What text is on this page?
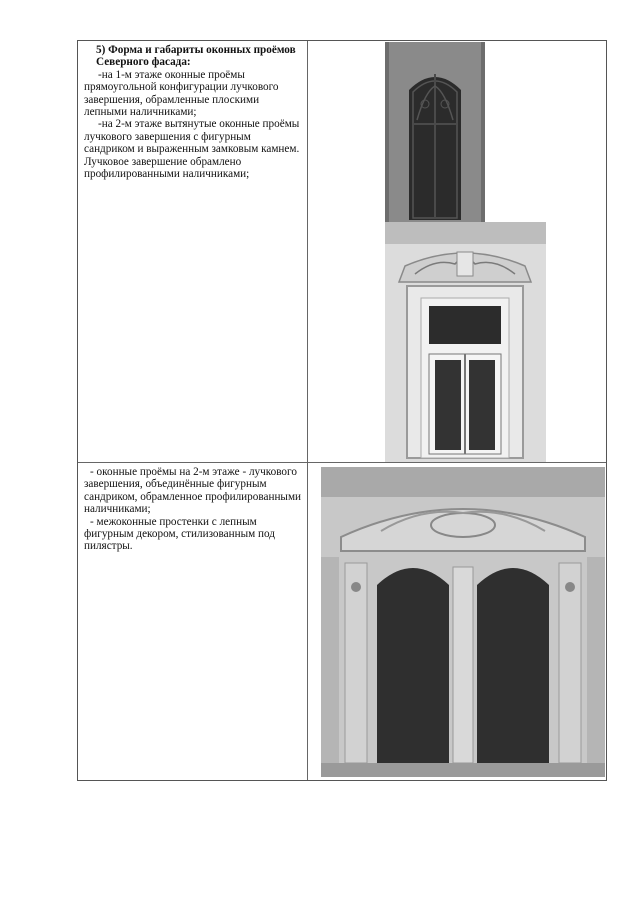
5) Форма и габариты оконных проёмов Северного фасада:

-на 1-м этаже оконные проёмы прямоугольной конфигурации лучкового завершения, обрамленные плоскими лепными наличниками;

-на 2-м этаже вытянутые оконные проёмы лучкового завершения с фигурным сандриком и выраженным замковым камнем. Лучковое завершение обрамлено профилированными наличниками;

- оконные проёмы на 2-м этаже - лучкового завершения, объединённые фигурным сандриком, обрамленное профилированными наличниками;

- межоконные простенки с лепным фигурным декором, стилизованным под пилястры.
